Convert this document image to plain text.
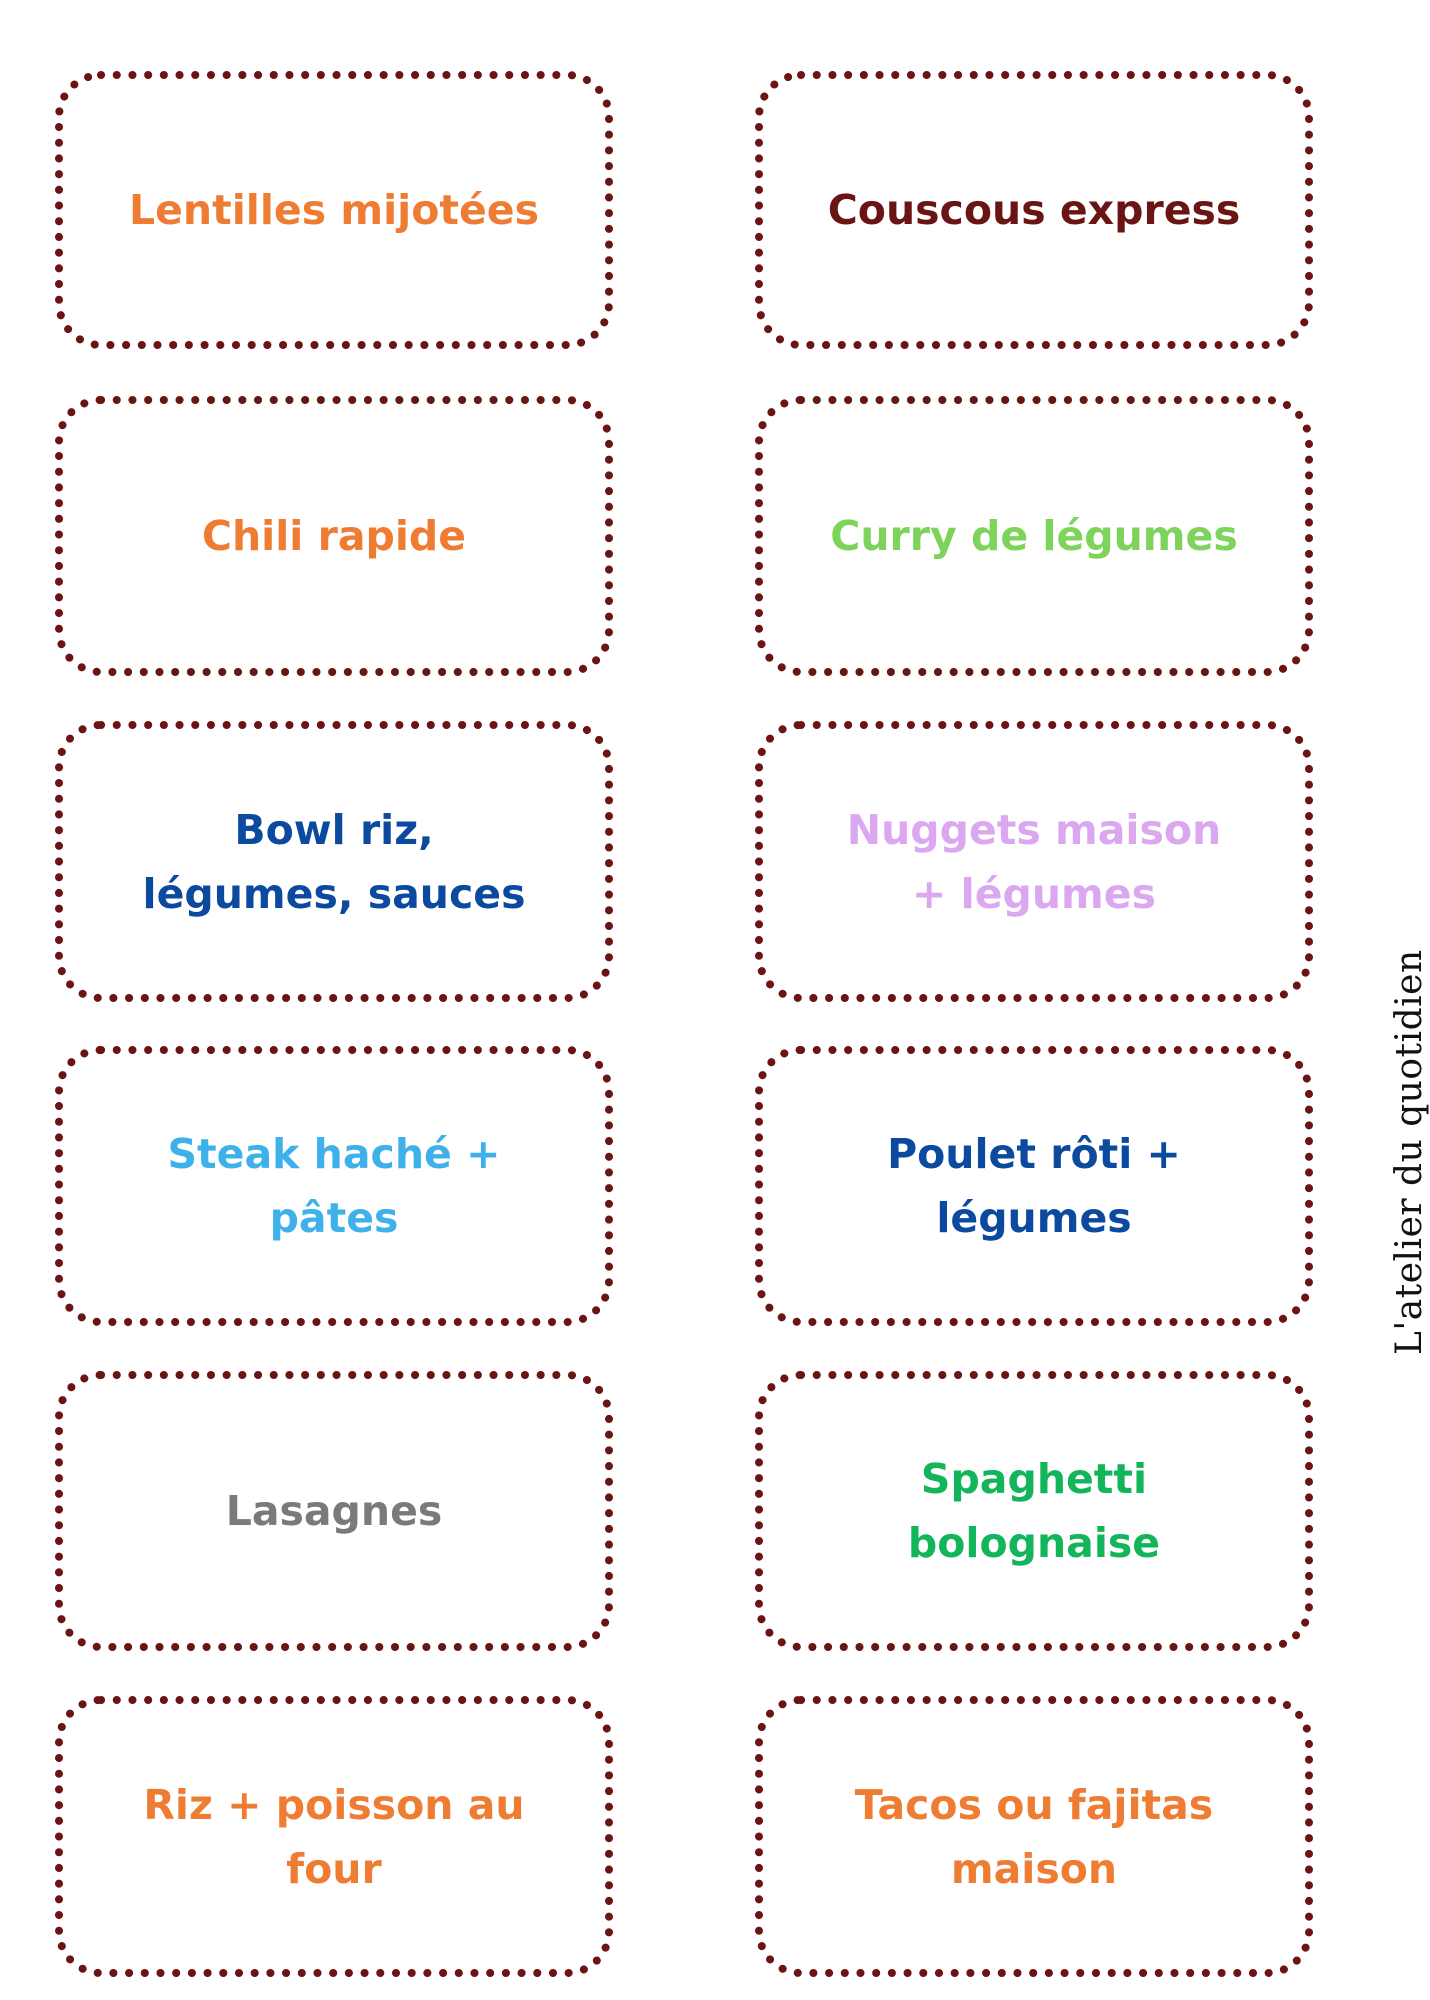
Lentilles mijotées	Couscous express
Chili rapide	Curry de légumes
Bowl riz, légumes, sauces
Nuggets maison + légumes
Steak haché + pâtes
Poulet rôti + légumes
Lasagnes
Spaghetti bolognaise
Riz + poisson au four
Tacos ou fajitas maison
L'atelier du quotidien
